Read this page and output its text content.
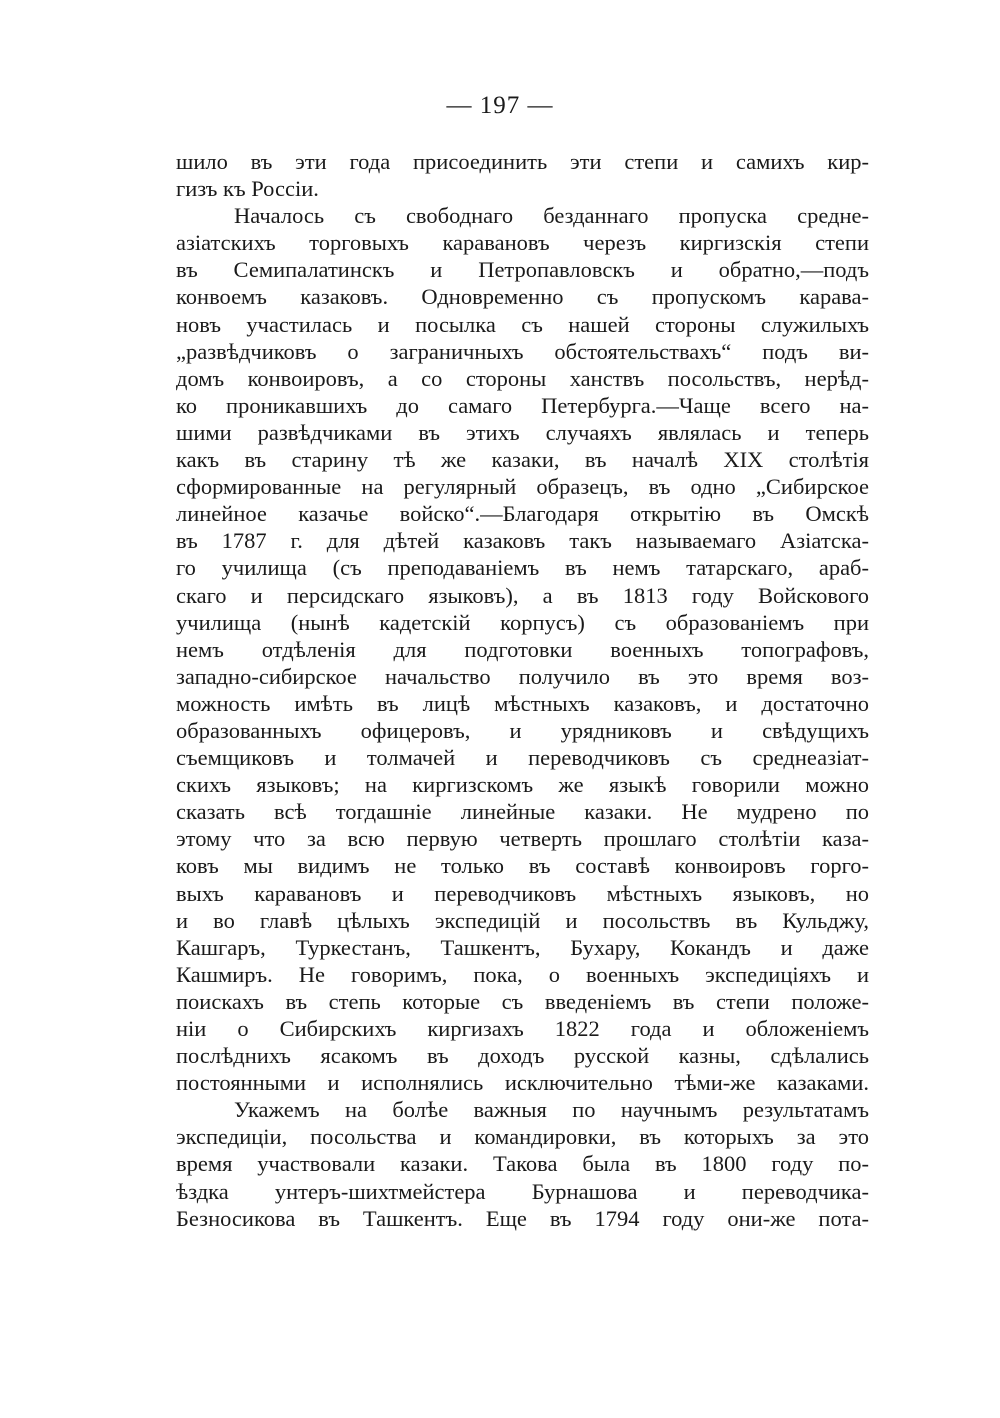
— 197 —
шило въ эти года присоединить эти степи и самихъ кир-
гизъ къ Россiи.
Началось съ свободнаго безданнаго пропуска средне-
азiатскихъ торговыхъ каравановъ черезъ киргизскiя степи
въ Семипалатинскъ и Петропавловскъ и обратно,—подъ
конвоемъ казаковъ. Одновременно съ пропускомъ карава-
новъ участилась и посылка съ нашей стороны служилыхъ
„развѣдчиковъ о заграничныхъ обстоятельствахъ“ подъ ви-
домъ конвоировъ, а со стороны ханствъ посольствъ, нерѣд-
ко проникавшихъ до самаго Петербурга.—Чаще всего на-
шими развѣдчиками въ этихъ случаяхъ являлась и теперь
какъ въ старину тѣ же казаки, въ началѣ XIX столѣтiя
сформированные на регулярный образецъ, въ одно „Сибирское
линейное казачье войско“.—Благодаря открытiю въ Омскѣ
въ 1787 г. для дѣтей казаковъ такъ называемаго Азiатска-
го училища (съ преподаванiемъ въ немъ татарскаго, араб-
скаго и персидскаго языковъ), а въ 1813 году Войскового
училища (нынѣ кадетскiй корпусъ) съ образованiемъ при
немъ отдѣленiя для подготовки военныхъ топографовъ,
западно-сибирское начальство получило въ это время воз-
можность имѣть въ лицѣ мѣстныхъ казаковъ, и достаточно
образованныхъ офицеровъ, и урядниковъ и свѣдущихъ
съемщиковъ и толмачей и переводчиковъ съ среднеазiат-
скихъ языковъ; на киргизскомъ же языкѣ говорили можно
сказать всѣ тогдашнiе линейные казаки. Не мудрено по
этому что за всю первую четверть прошлаго столѣтiи каза-
ковъ мы видимъ не только въ составѣ конвоировъ горго-
выхъ каравановъ и переводчиковъ мѣстныхъ языковъ, но
и во главѣ цѣлыхъ экспедицiй и посольствъ въ Кульджу,
Кашгаръ, Туркестанъ, Ташкентъ, Бухару, Кокандъ и даже
Кашмиръ. Не говоримъ, пока, о военныхъ экспедицiяхъ и
поискахъ въ степь которые съ введенiемъ въ степи положе-
нiи о Сибирскихъ киргизахъ 1822 года и обложенiемъ
послѣднихъ ясакомъ въ доходъ русской казны, сдѣлались
постоянными и исполнялись исключительно тѣми-же казаками.
Укажемъ на болѣе важныя по научнымъ результатамъ
экспедицiи, посольства и командировки, въ которыхъ за это
время участвовали казаки. Такова была въ 1800 году по-
ѣздка унтеръ-шихтмейстера Бурнашова и переводчика-
Безносикова въ Ташкентъ. Еще въ 1794 году они-же пота-
